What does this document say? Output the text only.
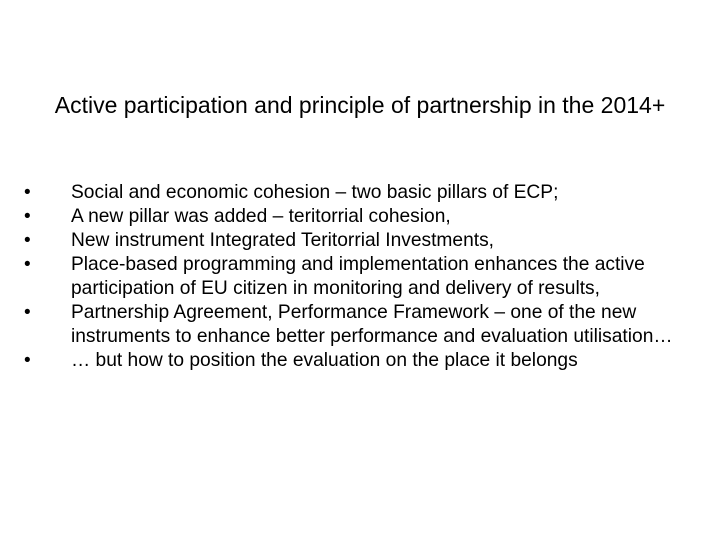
Active participation and principle of partnership in the 2014+
•	Social and economic cohesion – two basic pillars of ECP;
•	A new pillar was added – teritorrial cohesion,
•	New instrument Integrated Teritorrial Investments,
•	Place-based programming and implementation enhances the active participation of EU citizen in monitoring and delivery of results,
•	Partnership Agreement, Performance Framework – one of the new instruments to enhance better performance and evaluation utilisation…
•	… but how to position the evaluation on the place it belongs
